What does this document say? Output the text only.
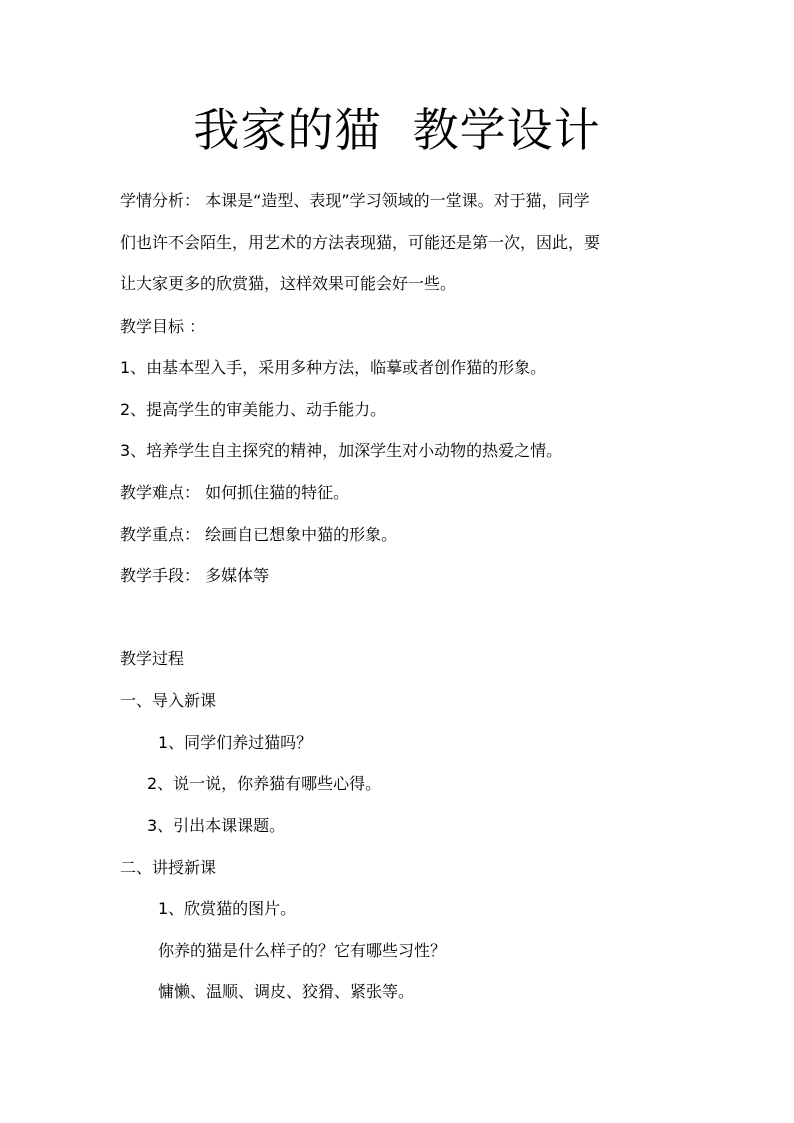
我家的猫  教学设计
学情分析： 本课是“造型、表现”学习领域的一堂课。对于猫，同学
们也许不会陌生，用艺术的方法表现猫，可能还是第一次，因此，要
让大家更多的欣赏猫，这样效果可能会好一些。
教学目标 ：
1、由基本型入手，采用多种方法，临摹或者创作猫的形象。
2、提高学生的审美能力、动手能力。
3、培养学生自主探究的精神，加深学生对小动物的热爱之情。
教学难点： 如何抓住猫的特征。
教学重点： 绘画自已想象中猫的形象。
教学手段： 多媒体等
教学过程
一、导入新课
1、同学们养过猫吗？
2、说一说，你养猫有哪些心得。
3、引出本课课题。
二、讲授新课
1、欣赏猫的图片。
你养的猫是什么样子的？它有哪些习性？
慵懒、温顺、调皮、狡猾、紧张等。
